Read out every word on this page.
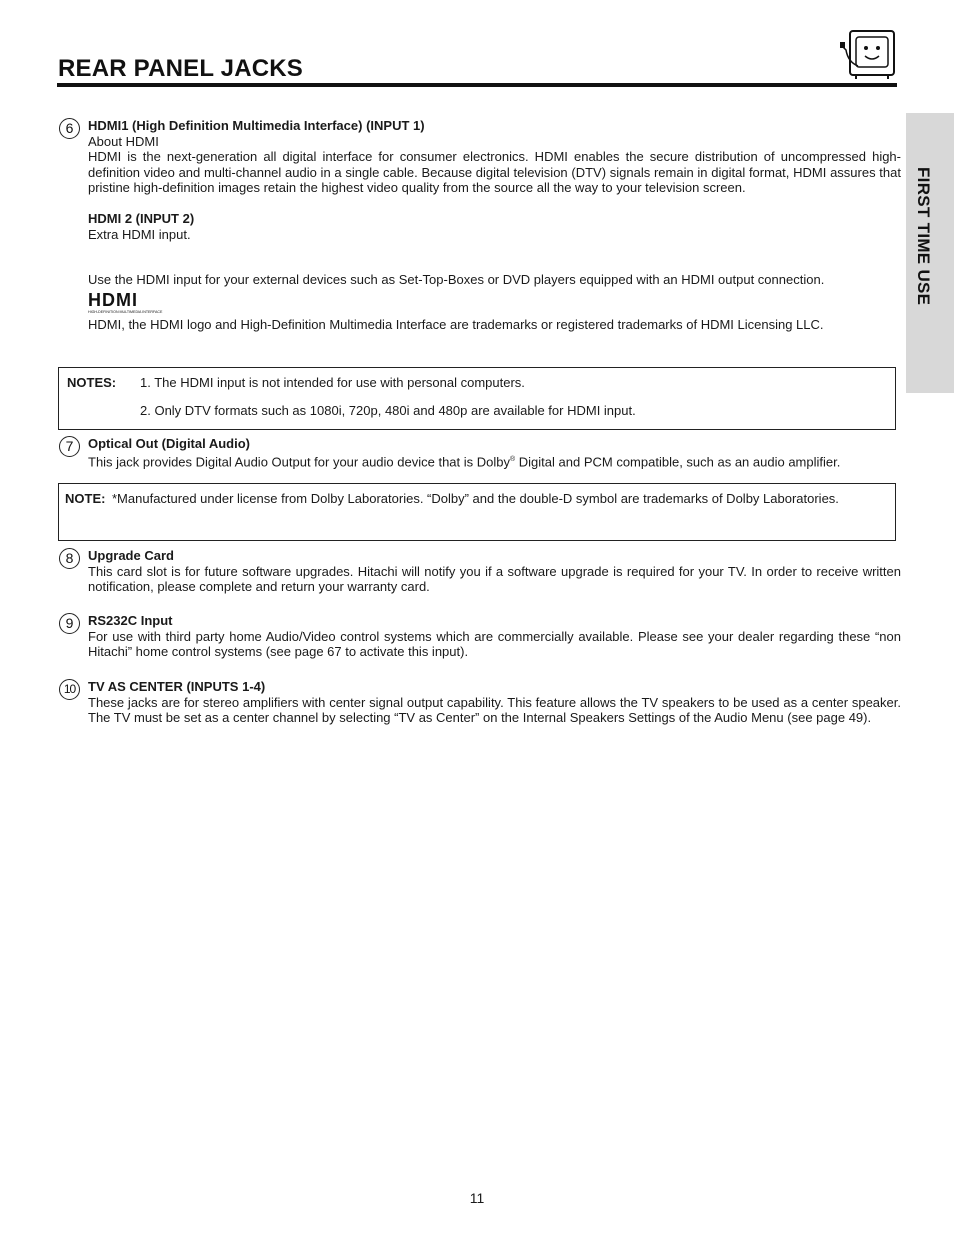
REAR PANEL JACKS
FIRST TIME USE
6	HDMI1 (High Definition Multimedia Interface) (INPUT 1)
About HDMI
HDMI is the next-generation all digital interface for consumer electronics. HDMI enables the secure distribution of uncompressed high-definition video and multi-channel audio in a single cable. Because digital television (DTV) signals remain in digital format, HDMI assures that pristine high-definition images retain the highest video quality from the source all the way to your television screen.
HDMI 2 (INPUT 2)
Extra HDMI input.
Use the HDMI input for your external devices such as Set-Top-Boxes or DVD players equipped with an HDMI output connection.
HDMI
HIGH-DEFINITION MULTIMEDIA INTERFACE
HDMI, the HDMI logo and High-Definition Multimedia Interface are trademarks or registered trademarks of HDMI Licensing LLC.
NOTES: 1. The HDMI input is not intended for use with personal computers.
2. Only DTV formats such as 1080i, 720p, 480i and 480p are available for HDMI input.
7	Optical Out (Digital Audio)
This jack provides Digital Audio Output for your audio device that is Dolby® Digital and PCM compatible, such as an audio amplifier.
NOTE: *Manufactured under license from Dolby Laboratories. “Dolby” and the double-D symbol are trademarks of Dolby Laboratories.
8	Upgrade Card
This card slot is for future software upgrades. Hitachi will notify you if a software upgrade is required for your TV. In order to receive written notification, please complete and return your warranty card.
9	RS232C Input
For use with third party home Audio/Video control systems which are commercially available. Please see your dealer regarding these “non Hitachi” home control systems (see page 67 to activate this input).
10 TV AS CENTER (INPUTS 1-4)
These jacks are for stereo amplifiers with center signal output capability. This feature allows the TV speakers to be used as a center speaker. The TV must be set as a center channel by selecting “TV as Center” on the Internal Speakers Settings of the Audio Menu (see page 49).
11
